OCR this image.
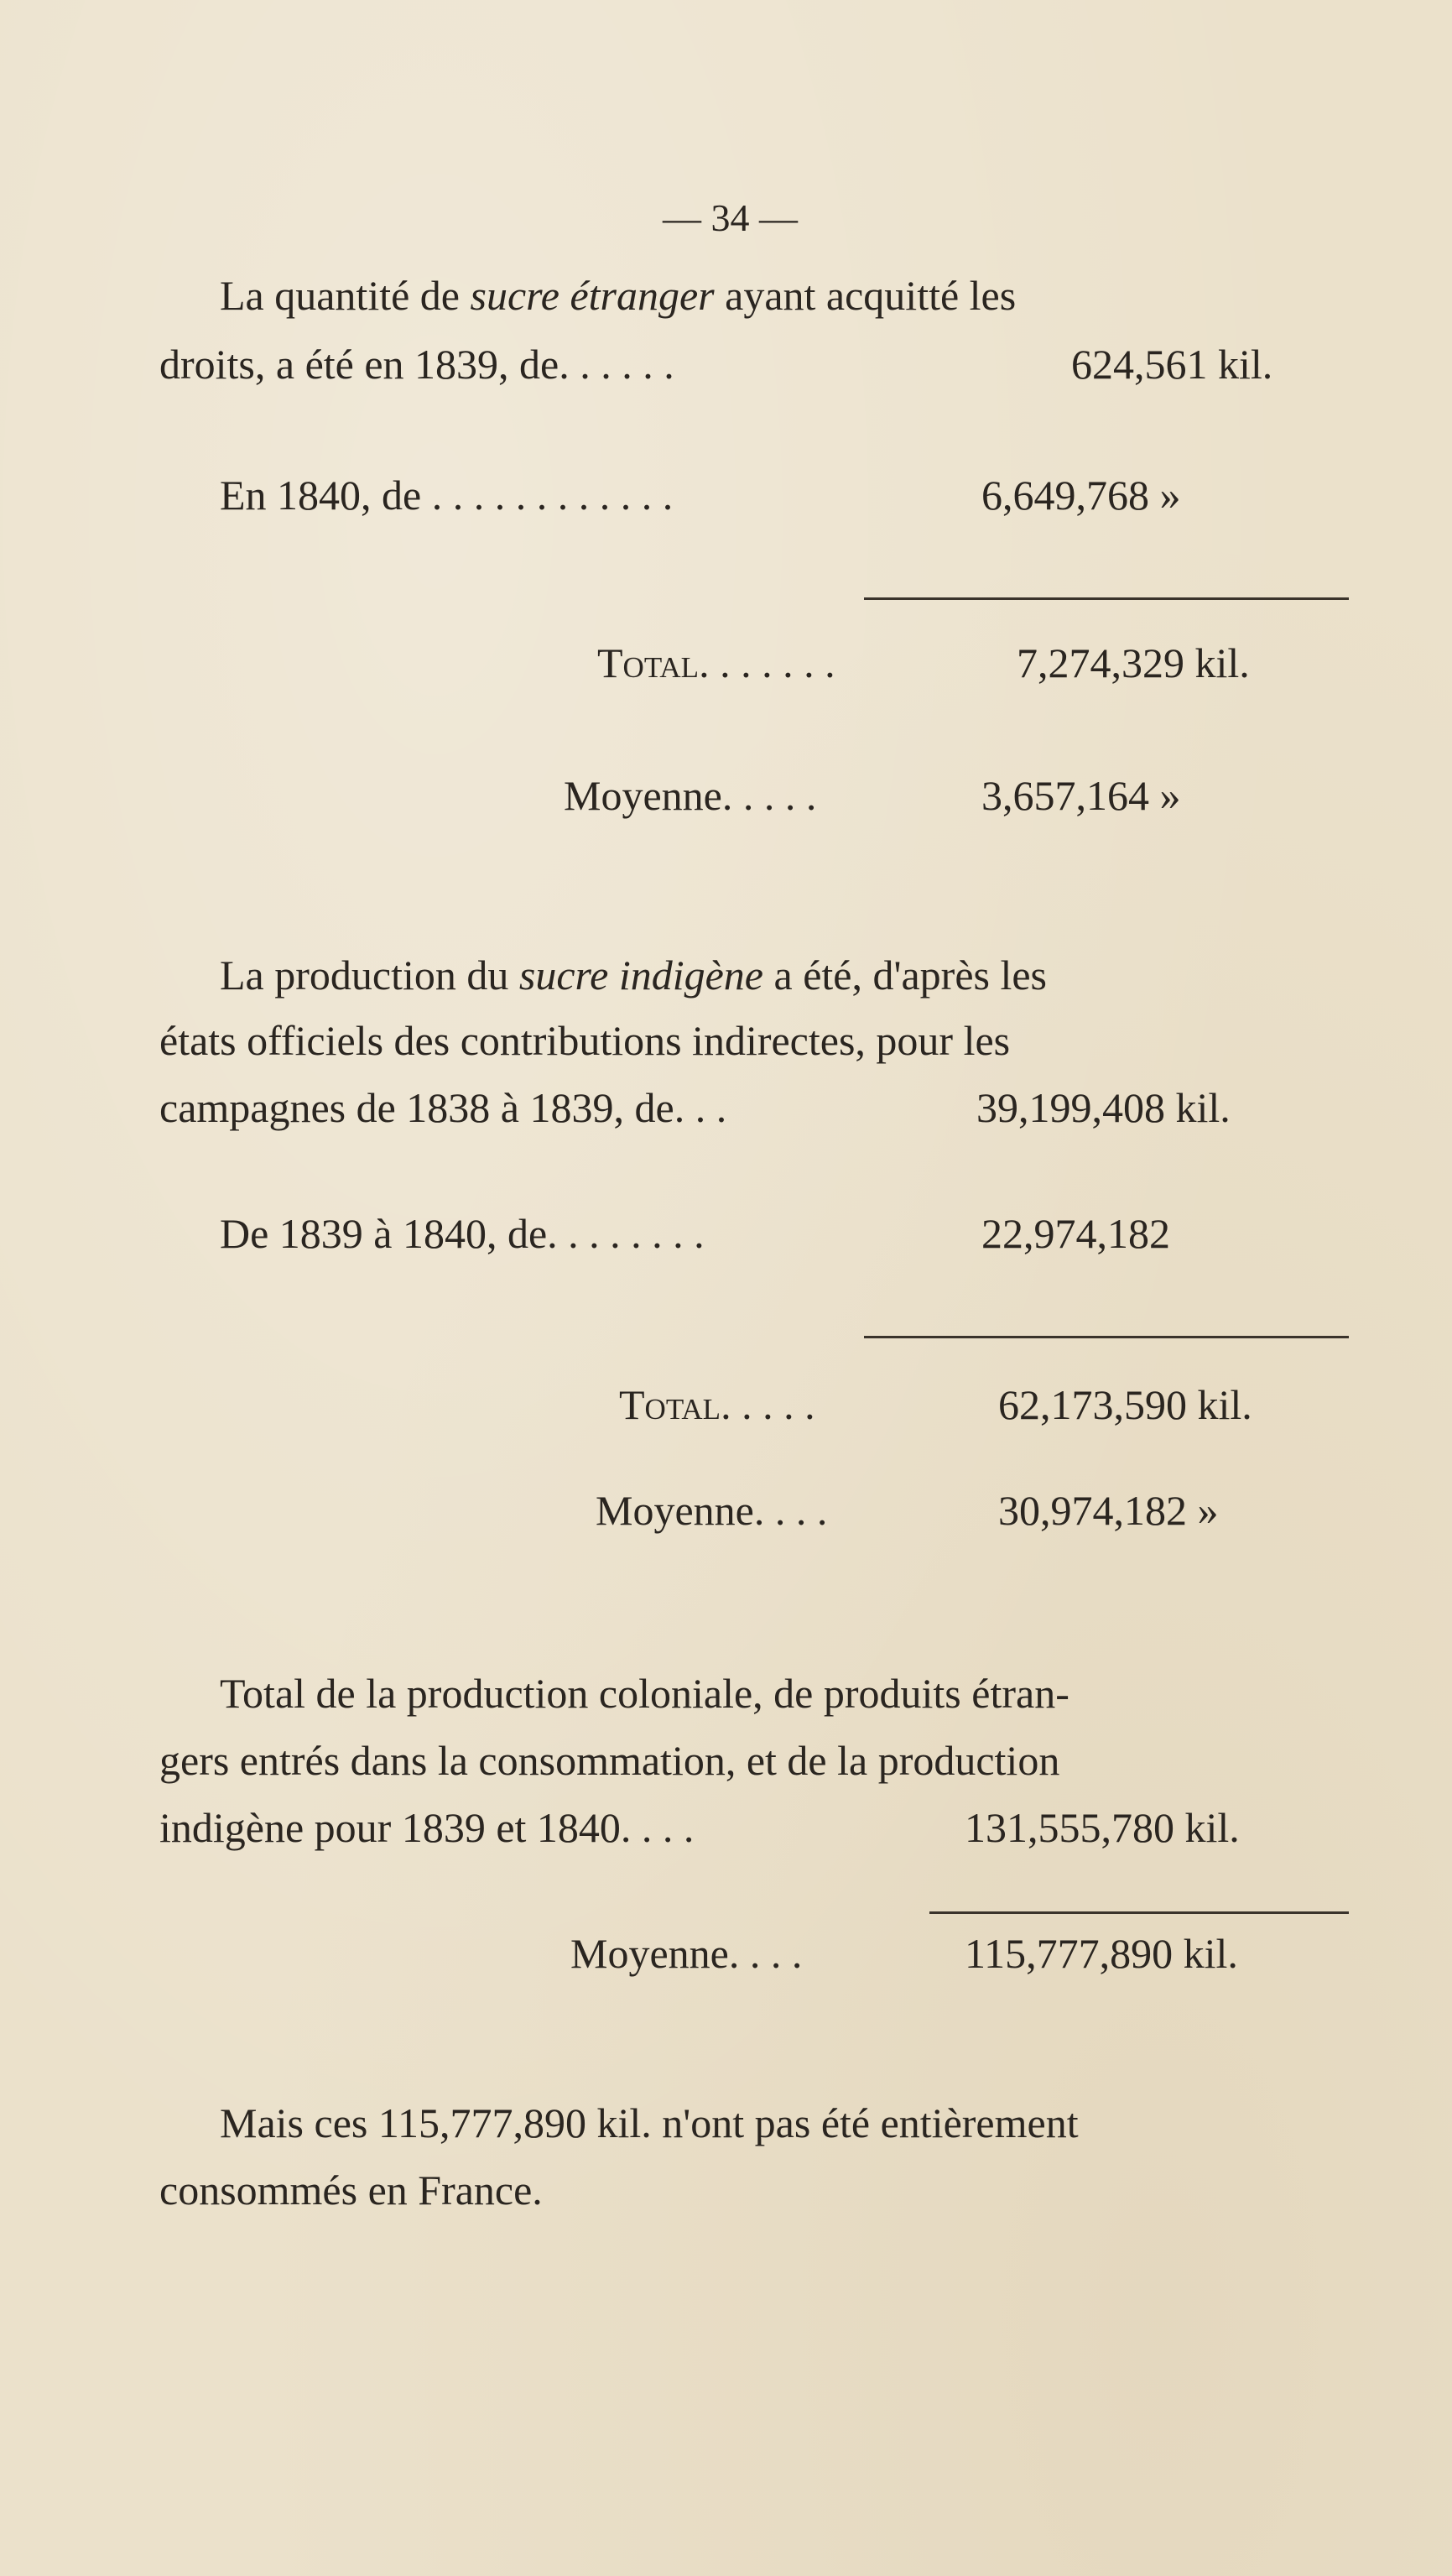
— 34 —
La quantité de sucre étranger ayant acquitté les
droits, a été en 1839, de. . . . . .	624,561 kil.
En 1840, de . . . . . . . . . . . .	6,649,768 »
Total. . . . . . .	7,274,329 kil.
Moyenne. . . . .	3,657,164 »
La production du sucre indigène a été, d'après les
états officiels des contributions indirectes, pour les
campagnes de 1838 à 1839, de. . .	39,199,408 kil.
De 1839 à 1840, de. . . . . . . .	22,974,182
Total. . . . .	62,173,590 kil.
Moyenne. . . .	30,974,182 »
Total de la production coloniale, de produits étran-
gers entrés dans la consommation, et de la production
indigène pour 1839 et 1840. . . .	131,555,780 kil.
Moyenne. . . .	115,777,890 kil.
Mais ces 115,777,890 kil. n'ont pas été entièrement
consommés en France.
